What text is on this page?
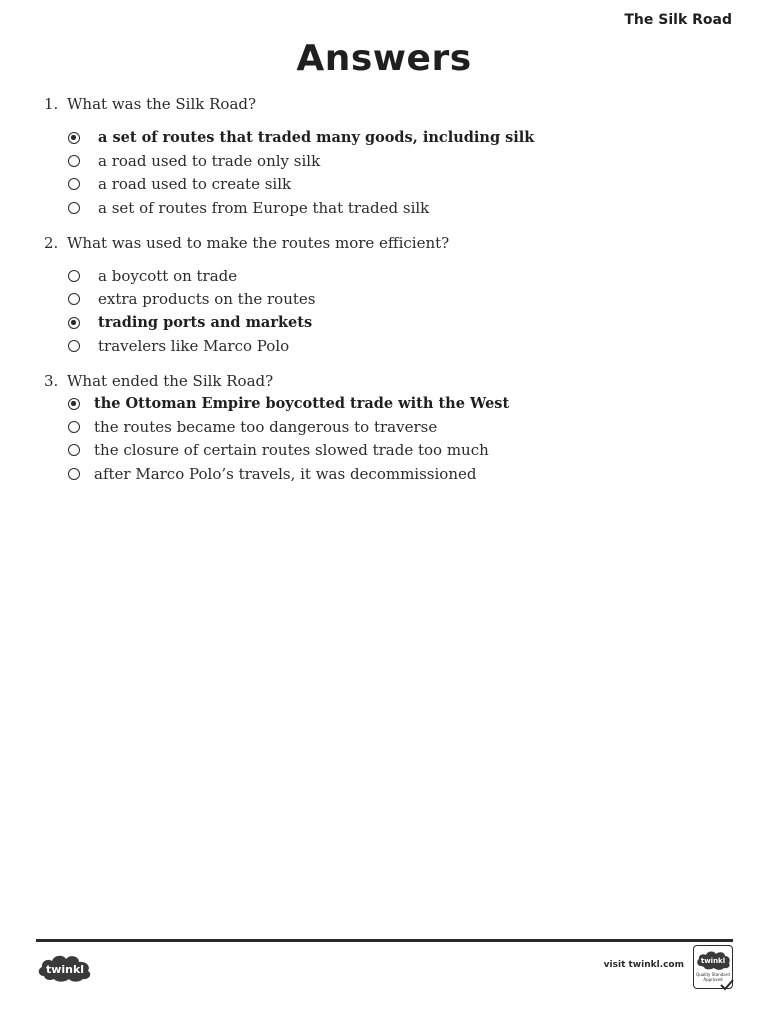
The Silk Road
Answers
1. What was the Silk Road?
a set of routes that traded many goods, including silk
a road used to trade only silk
a road used to create silk
a set of routes from Europe that traded silk
2. What was used to make the routes more efficient?
a boycott on trade
extra products on the routes
trading ports and markets
travelers like Marco Polo
3. What ended the Silk Road?
the Ottoman Empire boycotted trade with the West
the routes became too dangerous to traverse
the closure of certain routes slowed trade too much
after Marco Polo’s travels, it was decommissioned
twinkl	visit twinkl.com twinkl
Quality Standard Approved
